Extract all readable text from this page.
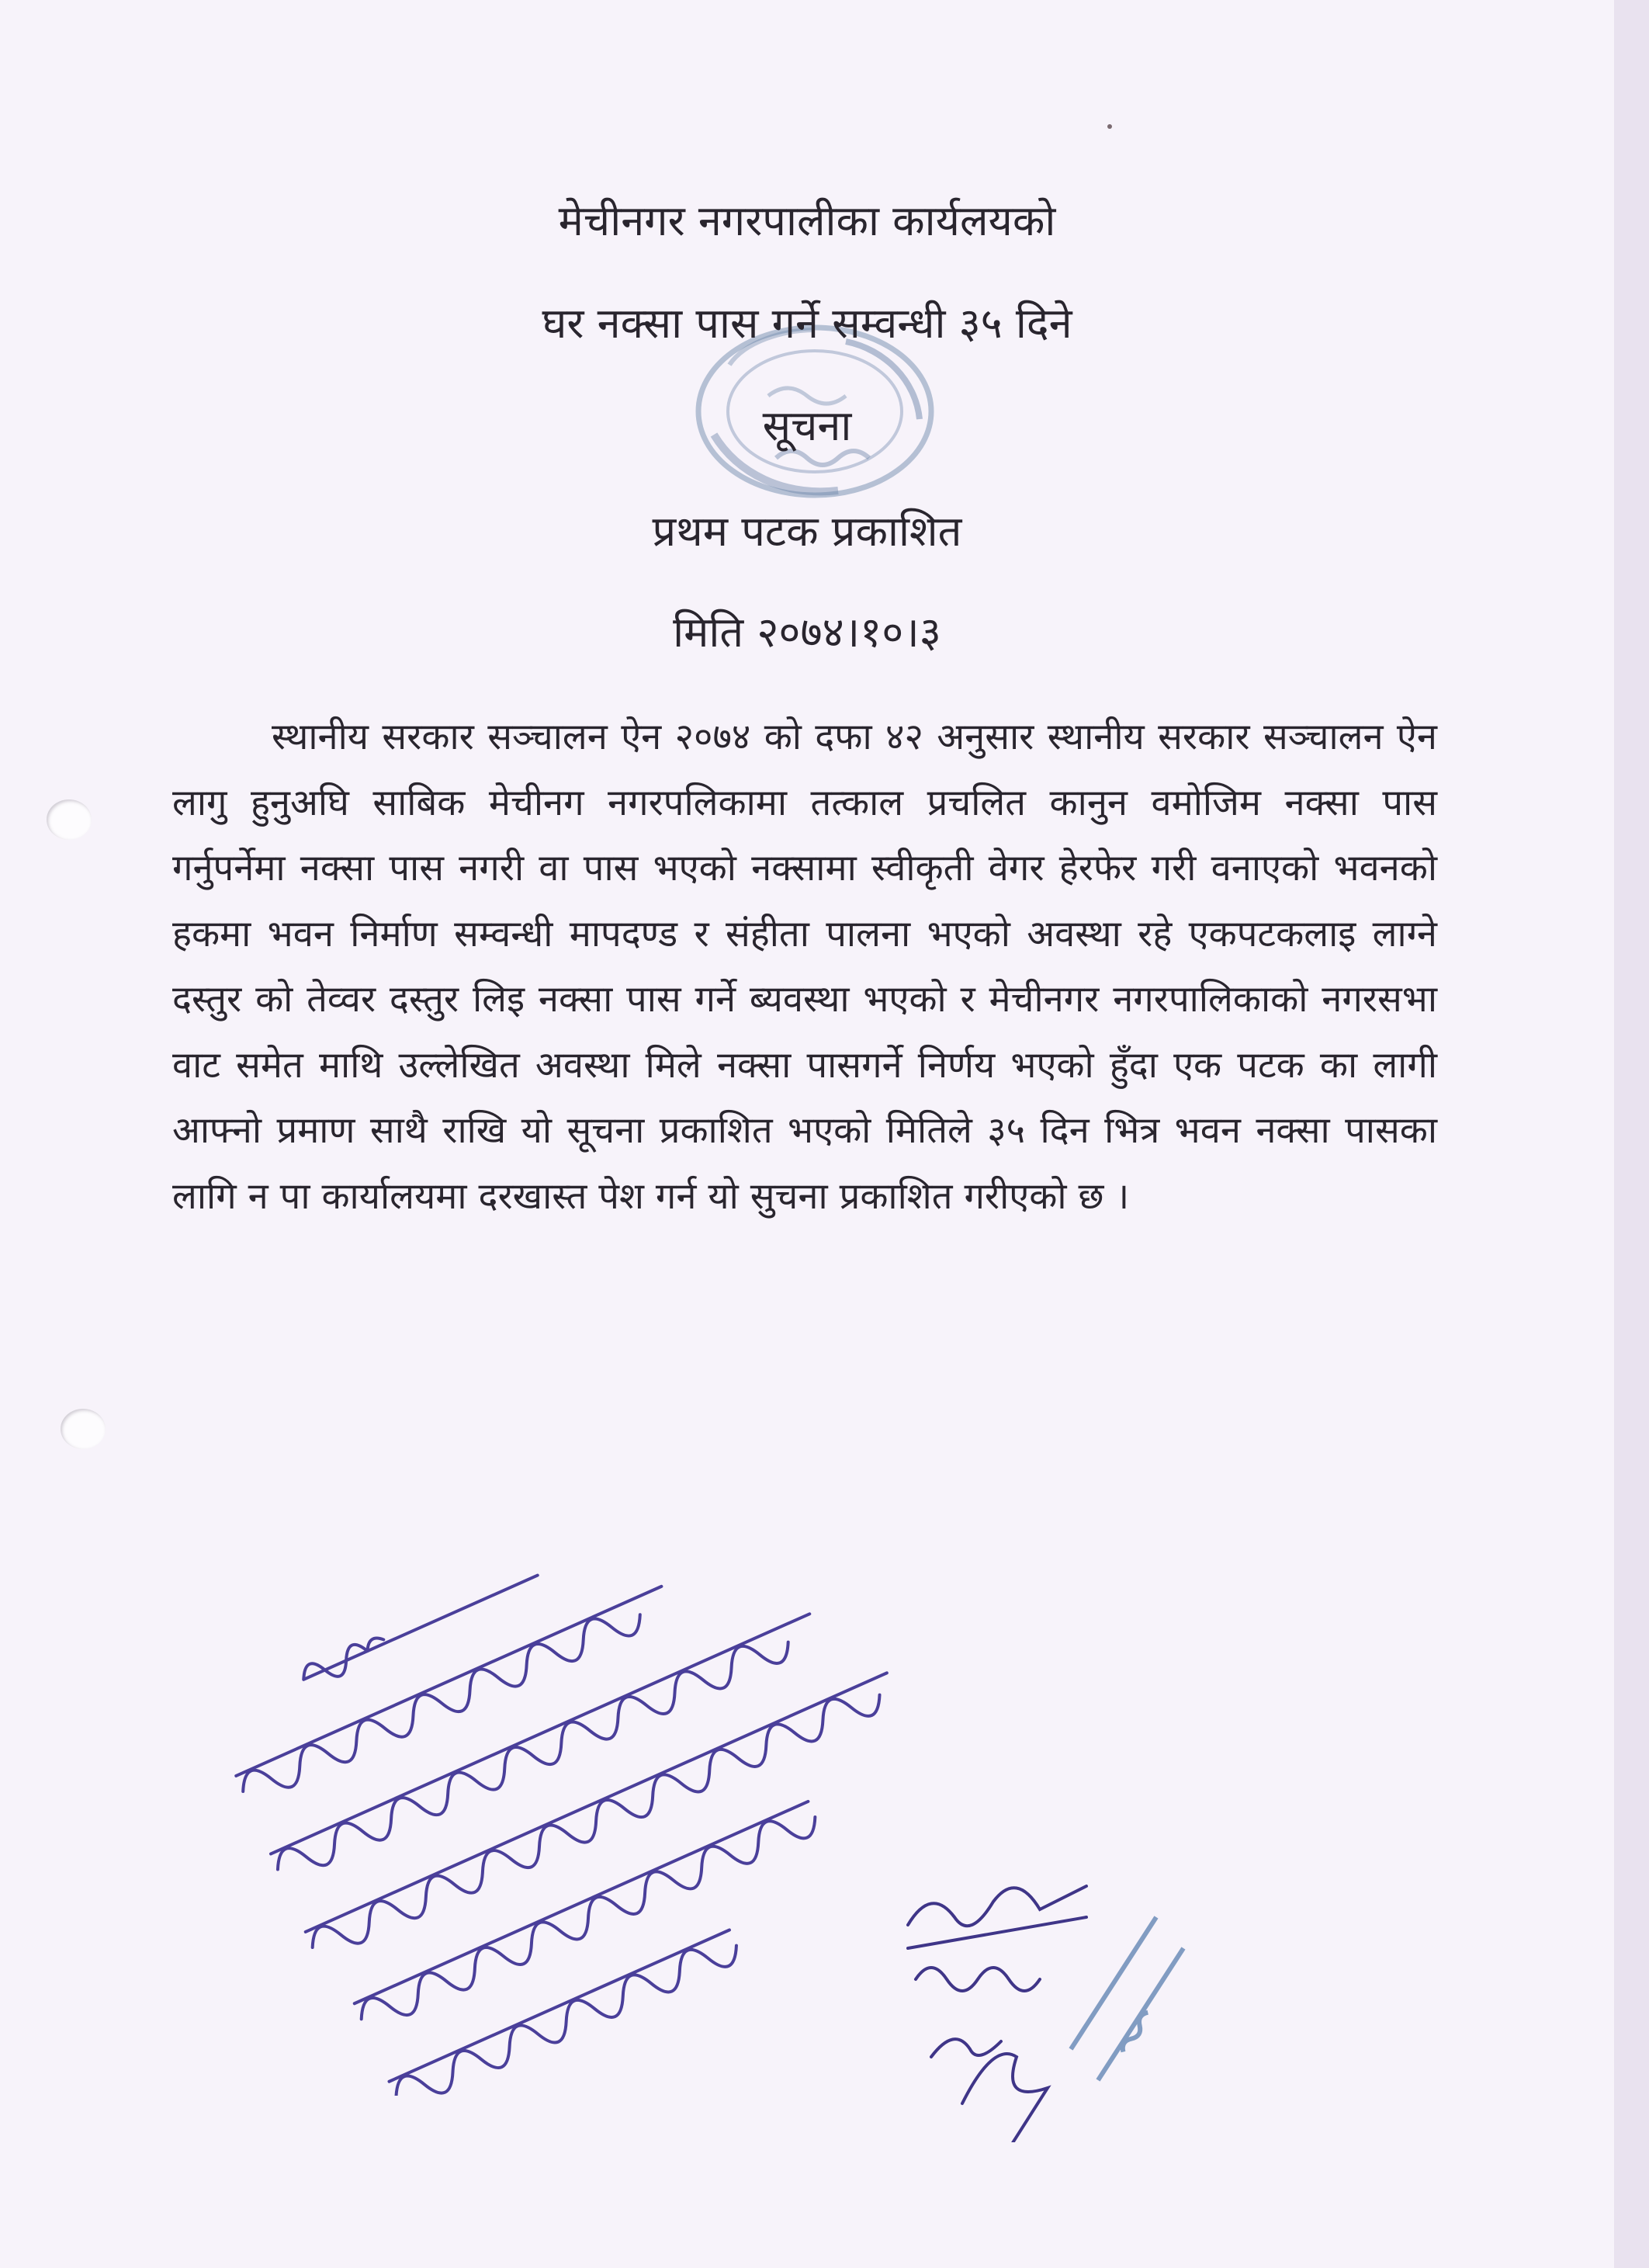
मेचीनगर नगरपालीका कार्यलयको
घर नक्सा पास गर्ने सम्वन्धी ३५ दिने
सूचना
प्रथम पटक प्रकाशित
मिति २०७४।१०।३

स्थानीय सरकार सञ्चालन ऐन २०७४ को दफा ४२ अनुसार स्थानीय सरकार सञ्चालन ऐन लागु हुनुअघि साबिक मेचीनग नगरपलिकामा तत्काल प्रचलित कानुन वमोजिम नक्सा पास गर्नुपर्नेमा नक्सा पास नगरी वा पास भएको नक्सामा स्वीकृती वेगर हेरफेर गरी वनाएको भवनको हकमा भवन निर्माण सम्वन्धी मापदण्ड र संहीता पालना भएको अवस्था रहे एकपटकलाइ लाग्ने दस्तुर को तेव्वर दस्तुर लिइ नक्सा पास गर्ने ब्यवस्था भएको र मेचीनगर नगरपालिकाको नगरसभा वाट समेत माथि उल्लेखित अवस्था मिले नक्सा पासगर्ने निर्णय भएको हुँदा एक पटक का लागी आफ्नो प्रमाण साथै राखि यो सूचना प्रकाशित भएको मितिले ३५ दिन भित्र भवन नक्सा पासका लागि न पा कार्यालयमा दरखास्त पेश गर्न यो सुचना प्रकाशित गरीएको छ ।
